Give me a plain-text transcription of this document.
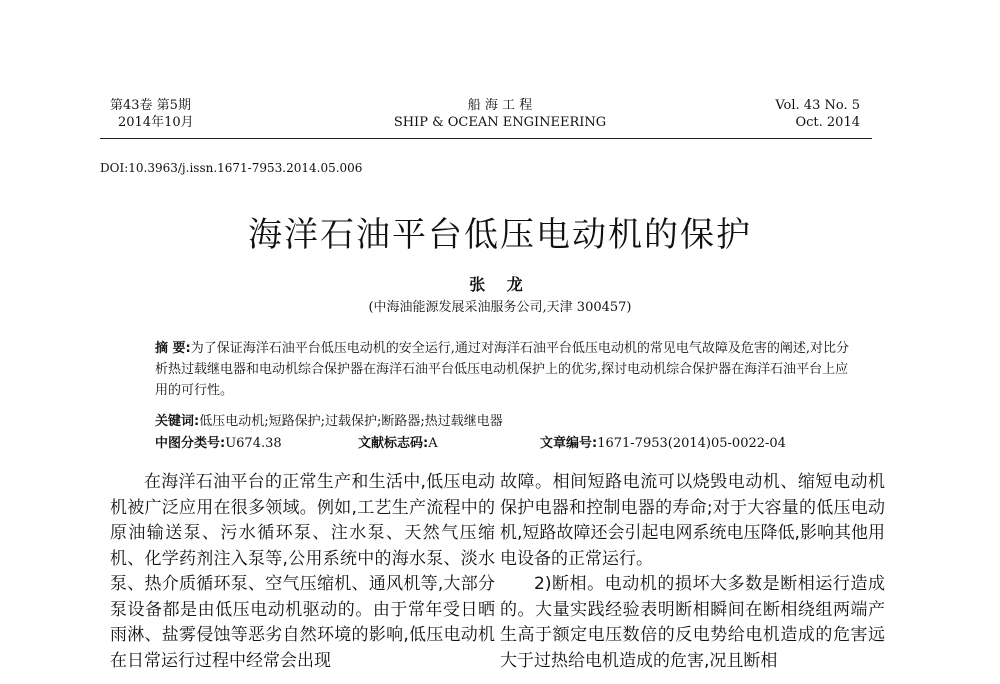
第43卷 第5期
2014年10月
船 海 工 程
SHIP & OCEAN ENGINEERING
Vol. 43 No. 5
Oct. 2014
DOI:10.3963/j.issn.1671-7953.2014.05.006
海洋石油平台低压电动机的保护
张 龙
(中海油能源发展采油服务公司,天津 300457)
摘 要:为了保证海洋石油平台低压电动机的安全运行,通过对海洋石油平台低压电动机的常见电气故障及危害的阐述,对比分析热过载继电器和电动机综合保护器在海洋石油平台低压电动机保护上的优劣,探讨电动机综合保护器在海洋石油平台上应用的可行性。
关键词:低压电动机;短路保护;过载保护;断路器;热过载继电器
中图分类号:U674.38	文献标志码:A	文章编号:1671-7953(2014)05-0022-04

在海洋石油平台的正常生产和生活中,低压电动机被广泛应用在很多领域。例如,工艺生产流程中的原油输送泵、污水循环泵、注水泵、天然气压缩机、化学药剂注入泵等,公用系统中的海水泵、淡水泵、热介质循环泵、空气压缩机、通风机等,大部分泵设备都是由低压电动机驱动的。由于常年受日晒雨淋、盐雾侵蚀等恶劣自然环境的影响,低压电动机在日常运行过程中经常会出现

故障。相间短路电流可以烧毁电动机、缩短电动机保护电器和控制电器的寿命;对于大容量的低压电动机,短路故障还会引起电网系统电压降低,影响其他用电设备的正常运行。

2)断相。电动机的损坏大多数是断相运行造成的。大量实践经验表明断相瞬间在断相绕组两端产生高于额定电压数倍的反电势给电机造成的危害远大于过热给电机造成的危害,况且断相
